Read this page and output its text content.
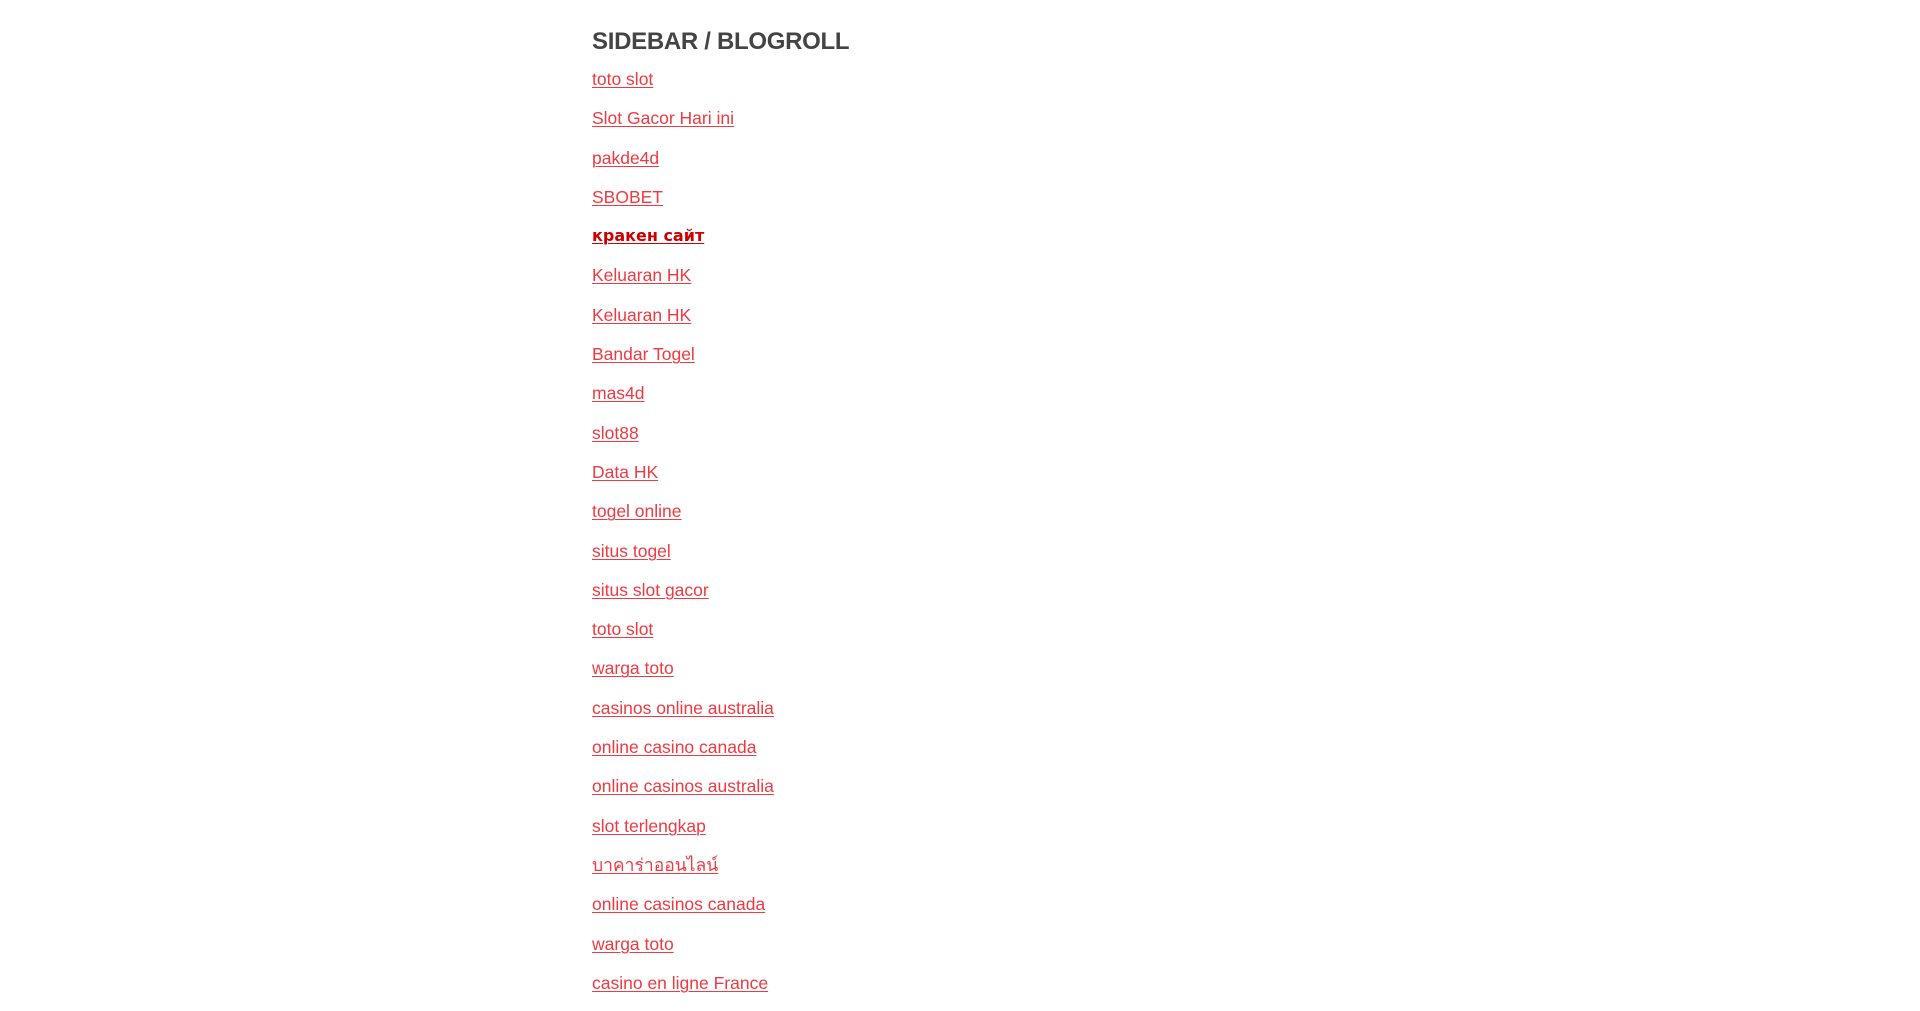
SIDEBAR / BLOGROLL
toto slot
Slot Gacor Hari ini
pakde4d
SBOBET
кракен сайт
Keluaran HK
Keluaran HK
Bandar Togel
mas4d
slot88
Data HK
togel online
situs togel
situs slot gacor
toto slot
warga toto
casinos online australia
online casino canada
online casinos australia
slot terlengkap
บาคาร่าออนไลน์
online casinos canada
warga toto
casino en ligne France
